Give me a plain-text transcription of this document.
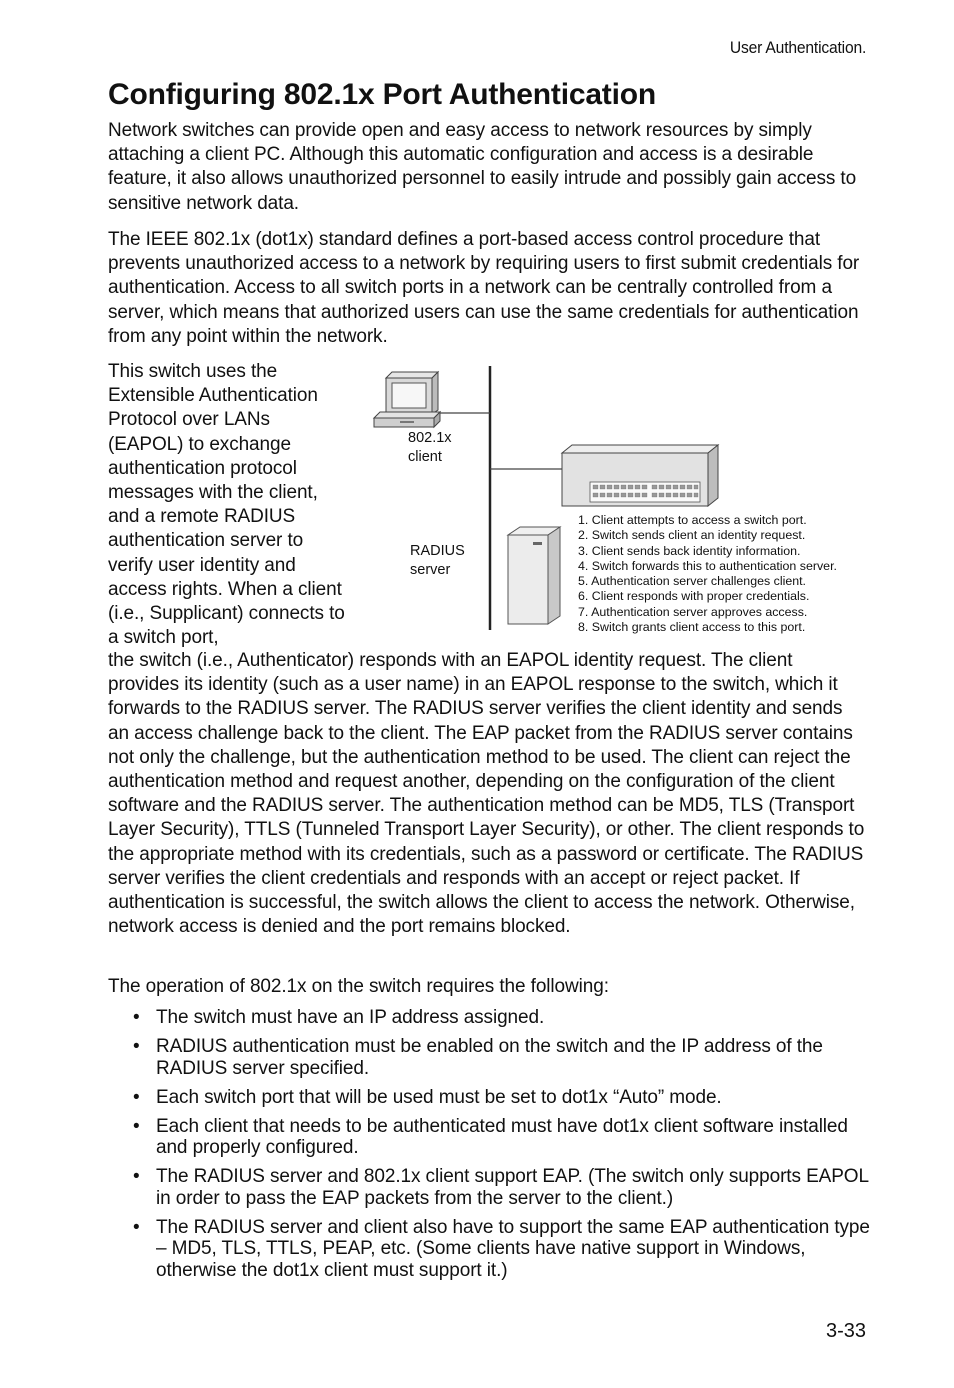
User Authentication.
Configuring 802.1x Port Authentication

Network switches can provide open and easy access to network resources by simply attaching a client PC. Although this automatic configuration and access is a desirable feature, it also allows unauthorized personnel to easily intrude and possibly gain access to sensitive network data.

The IEEE 802.1x (dot1x) standard defines a port-based access control procedure that prevents unauthorized access to a network by requiring users to first submit credentials for authentication. Access to all switch ports in a network can be centrally controlled from a server, which means that authorized users can use the same credentials for authentication from any point within the network.

This switch uses the Extensible Authentication Protocol over LANs (EAPOL) to exchange authentication protocol messages with the client, and a remote RADIUS authentication server to verify user identity and access rights. When a client (i.e., Supplicant) connects to a switch port,

802.1x
client
RADIUS
server
1. Client attempts to access a switch port.
2. Switch sends client an identity request.
3. Client sends back identity information.
4. Switch forwards this to authentication server.
5. Authentication server challenges client.
6. Client responds with proper credentials.
7. Authentication server approves access.
8. Switch grants client access to this port.

the switch (i.e., Authenticator) responds with an EAPOL identity request. The client provides its identity (such as a user name) in an EAPOL response to the switch, which it forwards to the RADIUS server. The RADIUS server verifies the client identity and sends an access challenge back to the client. The EAP packet from the RADIUS server contains not only the challenge, but the authentication method to be used. The client can reject the authentication method and request another, depending on the configuration of the client software and the RADIUS server. The authentication method can be MD5, TLS (Transport Layer Security), TTLS (Tunneled Transport Layer Security), or other. The client responds to the appropriate method with its credentials, such as a password or certificate. The RADIUS server verifies the client credentials and responds with an accept or reject packet. If authentication is successful, the switch allows the client to access the network. Otherwise, network access is denied and the port remains blocked.

The operation of 802.1x on the switch requires the following:

• The switch must have an IP address assigned.
• RADIUS authentication must be enabled on the switch and the IP address of the RADIUS server specified.
• Each switch port that will be used must be set to dot1x “Auto” mode.
• Each client that needs to be authenticated must have dot1x client software installed and properly configured.
• The RADIUS server and 802.1x client support EAP. (The switch only supports EAPOL in order to pass the EAP packets from the server to the client.)
• The RADIUS server and client also have to support the same EAP authentication type – MD5, TLS, TTLS, PEAP, etc. (Some clients have native support in Windows, otherwise the dot1x client must support it.)
3-33
